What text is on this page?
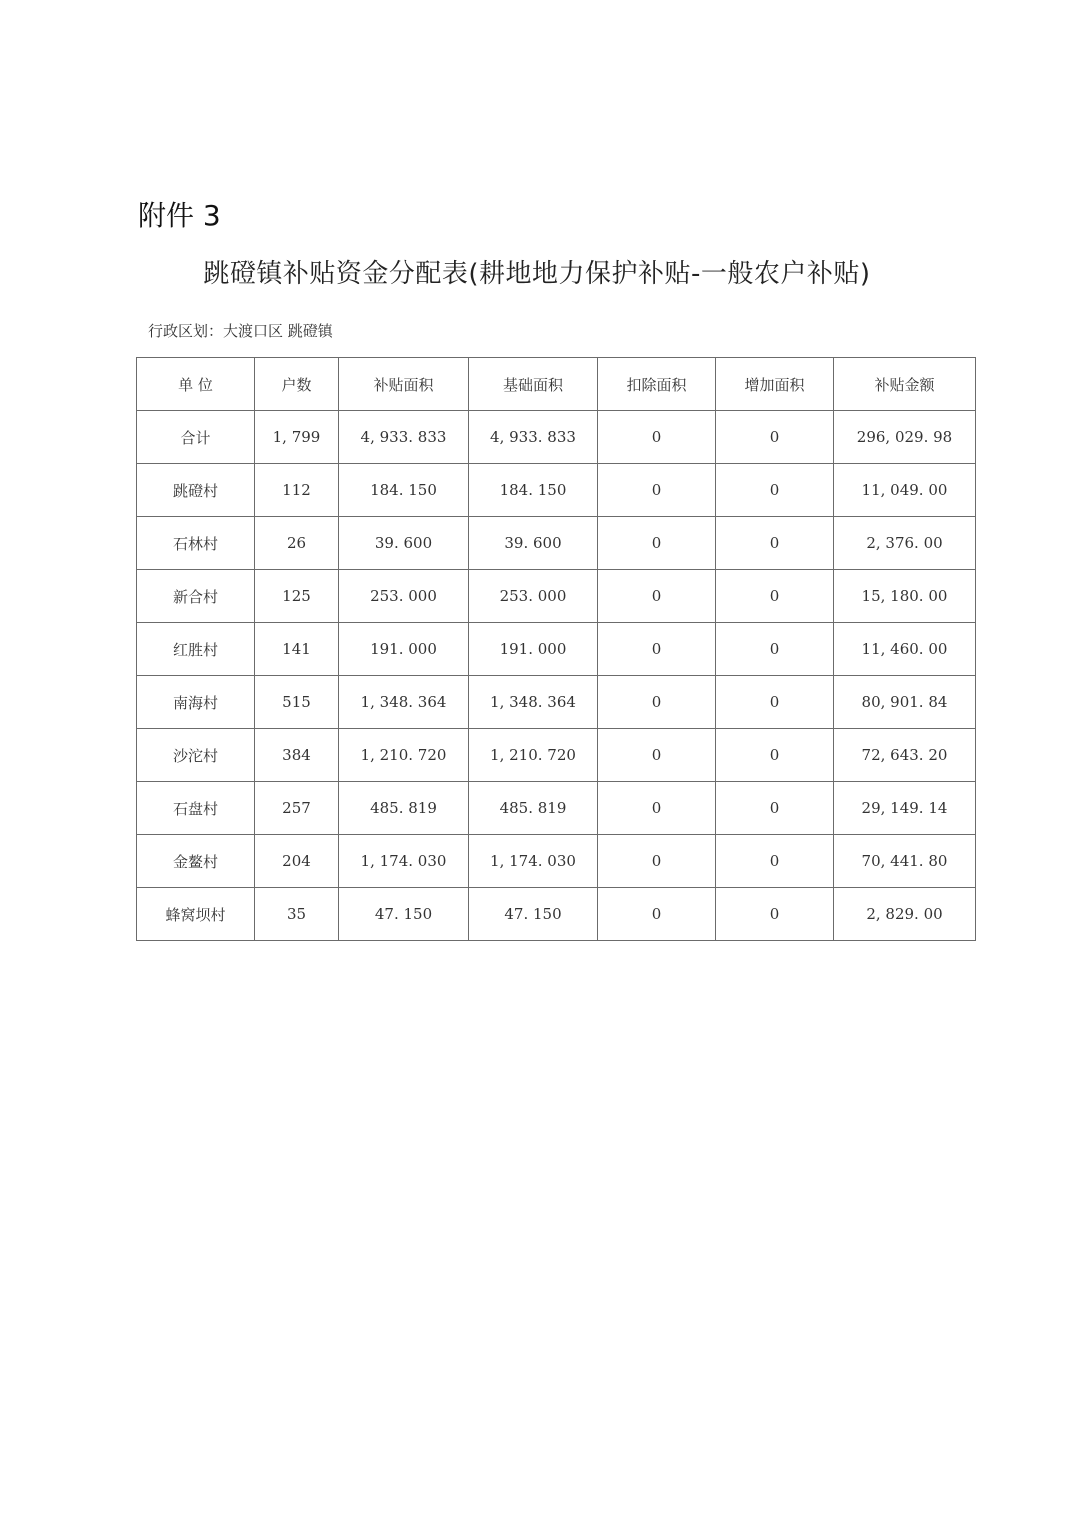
附件 3
跳磴镇补贴资金分配表(耕地地力保护补贴-一般农户补贴)
行政区划：大渡口区 跳磴镇
单 位	户数	补贴面积	基础面积	扣除面积	增加面积	补贴金额
合计	1, 799	4, 933. 833	4, 933. 833	0	0	296, 029. 98
跳磴村	112	184. 150	184. 150	0	0	11, 049. 00
石林村	26	39. 600	39. 600	0	0	2, 376. 00
新合村	125	253. 000	253. 000	0	0	15, 180. 00
红胜村	141	191. 000	191. 000	0	0	11, 460. 00
南海村	515	1, 348. 364	1, 348. 364	0	0	80, 901. 84
沙沱村	384	1, 210. 720	1, 210. 720	0	0	72, 643. 20
石盘村	257	485. 819	485. 819	0	0	29, 149. 14
金鳌村	204	1, 174. 030	1, 174. 030	0	0	70, 441. 80
蜂窝坝村	35	47. 150	47. 150	0	0	2, 829. 00
